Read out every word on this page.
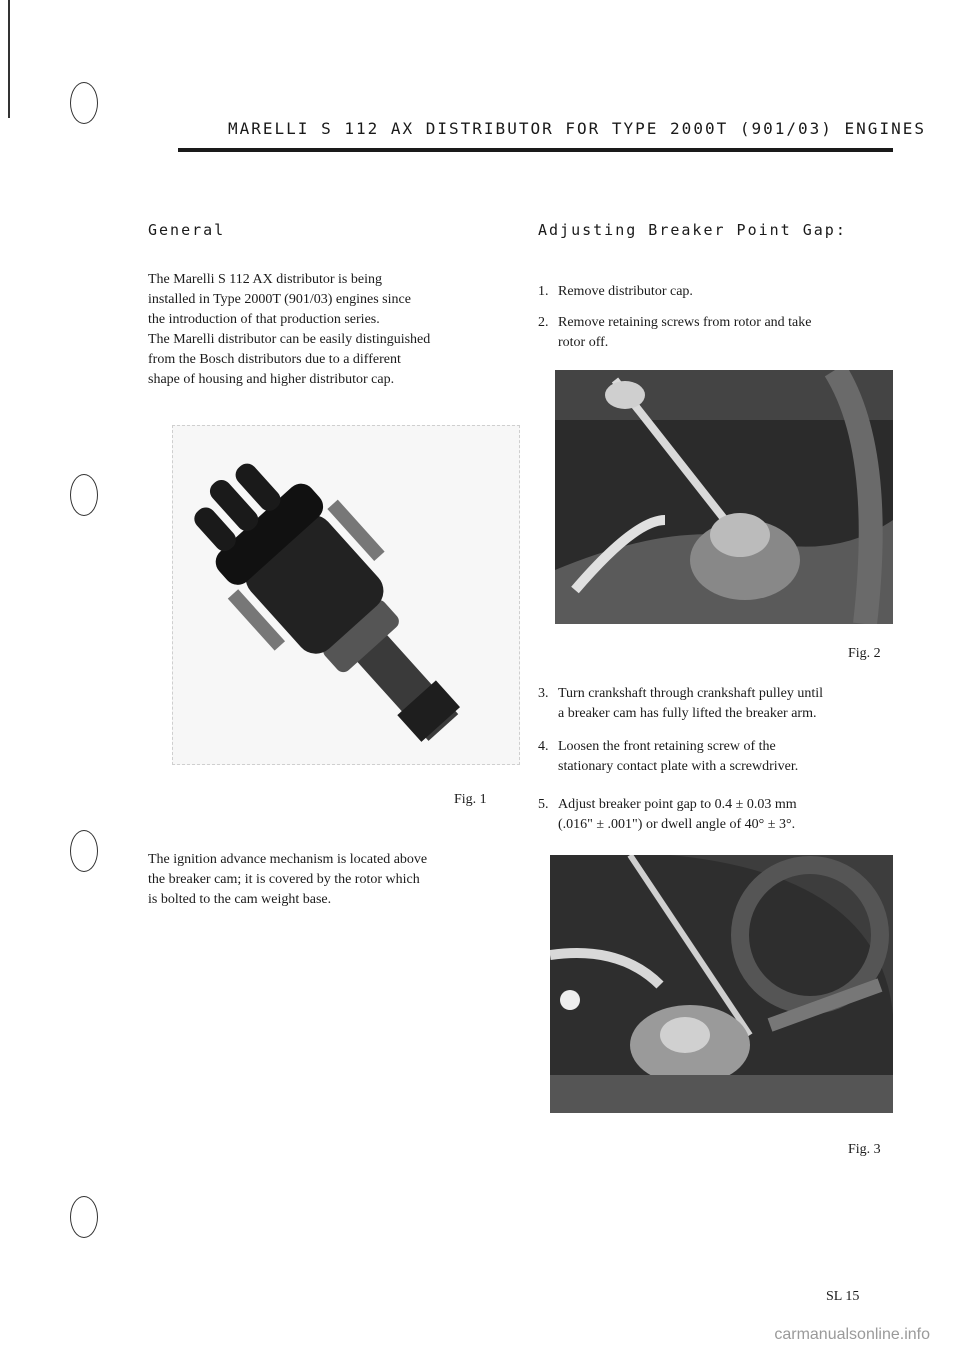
MARELLI S 112 AX DISTRIBUTOR FOR TYPE 2000T (901/03) ENGINES
General

The Marelli S 112 AX distributor is being

installed in Type 2000T (901/03) engines since

the introduction of that production series.

The Marelli distributor can be easily distinguished

from the Bosch distributors due to a different

shape of housing and higher distributor cap.

Fig. 1

The ignition advance mechanism is located above

the breaker cam; it is covered by the rotor which

is bolted to the cam weight base.

Adjusting Breaker Point Gap:
1. Remove distributor cap.
2. Remove retaining screws from rotor and take
rotor off.
Fig. 2
3. Turn crankshaft through crankshaft pulley until
a breaker cam has fully lifted the breaker arm.
4. Loosen the front retaining screw of the
stationary contact plate with a screwdriver.
5. Adjust breaker point gap to 0.4 ± 0.03 mm
(.016" ± .001") or dwell angle of 40° ± 3°.
Fig. 3
SL 15
carmanualsonline.info
